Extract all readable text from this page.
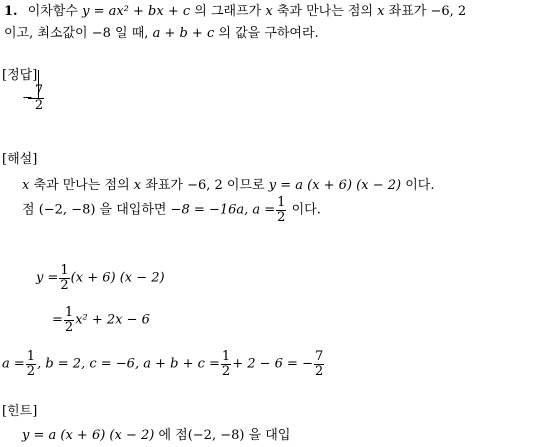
1. 이차함수 y = ax² + bx + c 의 그래프가 x 축과 만나는 점의 x 좌표가 −6, 2
이고, 최소값이 −8 일 때, a + b + c 의 값을 구하여라.
[정답]
− $\frac{7}{2}$
[해설]
x 축과 만나는 점의 x 좌표가 −6, 2 이므로 y = a (x + 6) (x − 2) 이다.
점 (−2, −8) 을 대입하면 −8 = −16a, $a = \frac{1}{2}$ 이다.
$y = \frac{1}{2} (x + 6) (x - 2)$
= $\frac{1}{2} x^2 + 2x - 6$
$a = \frac{1}{2}$ , b = 2, c = −6, $a + b + c = \frac{1}{2} + 2 - 6$ = − $\frac{7}{2}$
[힌트]
y = a (x + 6) (x − 2) 에 점(−2, −8) 을 대입
